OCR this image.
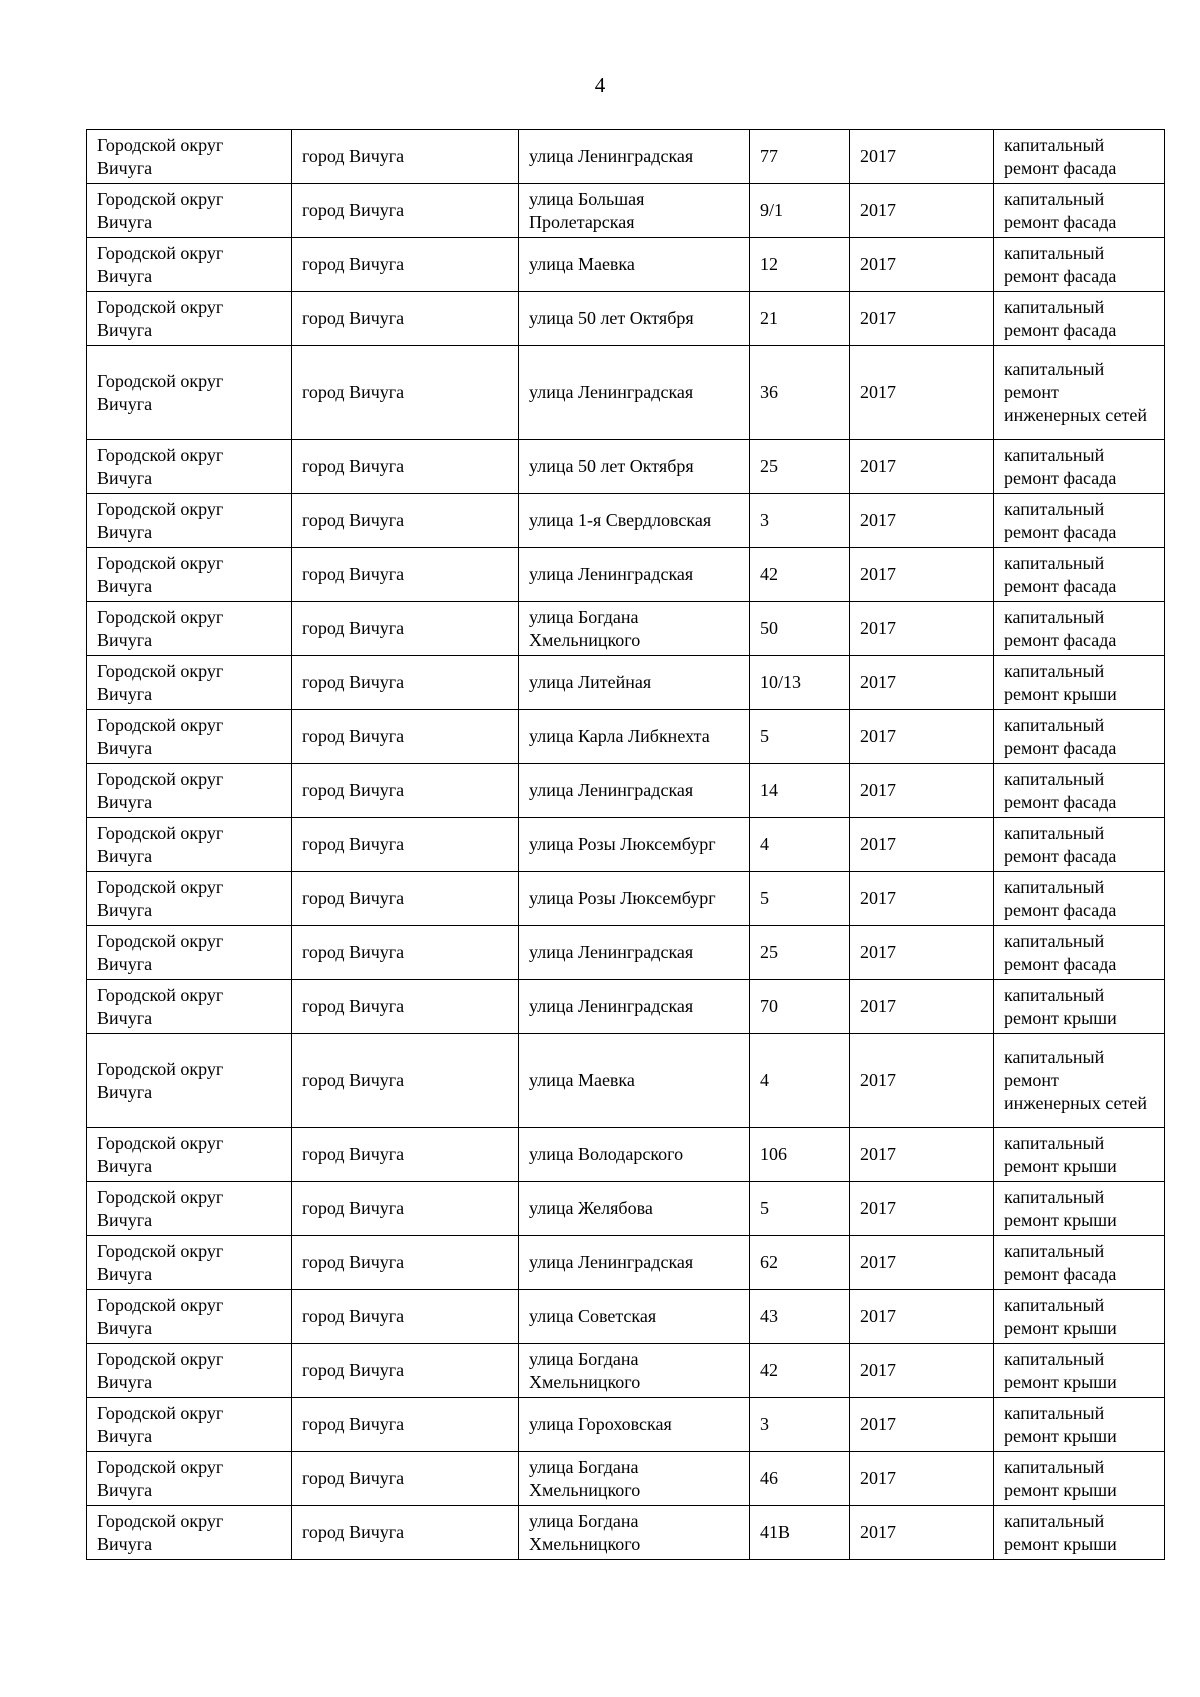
4
Городской округ Вичуга	город Вичуга	улица Ленинградская	77	2017	капитальный ремонт фасада
Городской округ Вичуга	город Вичуга	улица Большая Пролетарская	9/1	2017	капитальный ремонт фасада
Городской округ Вичуга	город Вичуга	улица Маевка	12	2017	капитальный ремонт фасада
Городской округ Вичуга	город Вичуга	улица 50 лет Октября	21	2017	капитальный ремонт фасада
Городской округ Вичуга	город Вичуга	улица Ленинградская	36	2017	капитальный ремонт инженерных сетей
Городской округ Вичуга	город Вичуга	улица 50 лет Октября	25	2017	капитальный ремонт фасада
Городской округ Вичуга	город Вичуга	улица 1-я Свердловская	3	2017	капитальный ремонт фасада
Городской округ Вичуга	город Вичуга	улица Ленинградская	42	2017	капитальный ремонт фасада
Городской округ Вичуга	город Вичуга	улица Богдана Хмельницкого	50	2017	капитальный ремонт фасада
Городской округ Вичуга	город Вичуга	улица Литейная	10/13	2017	капитальный ремонт крыши
Городской округ Вичуга	город Вичуга	улица Карла Либкнехта	5	2017	капитальный ремонт фасада
Городской округ Вичуга	город Вичуга	улица Ленинградская	14	2017	капитальный ремонт фасада
Городской округ Вичуга	город Вичуга	улица Розы Люксембург	4	2017	капитальный ремонт фасада
Городской округ Вичуга	город Вичуга	улица Розы Люксембург	5	2017	капитальный ремонт фасада
Городской округ Вичуга	город Вичуга	улица Ленинградская	25	2017	капитальный ремонт фасада
Городской округ Вичуга	город Вичуга	улица Ленинградская	70	2017	капитальный ремонт крыши
Городской округ Вичуга	город Вичуга	улица Маевка	4	2017	капитальный ремонт инженерных сетей
Городской округ Вичуга	город Вичуга	улица Володарского	106	2017	капитальный ремонт крыши
Городской округ Вичуга	город Вичуга	улица Желябова	5	2017	капитальный ремонт крыши
Городской округ Вичуга	город Вичуга	улица Ленинградская	62	2017	капитальный ремонт фасада
Городской округ Вичуга	город Вичуга	улица Советская	43	2017	капитальный ремонт крыши
Городской округ Вичуга	город Вичуга	улица Богдана Хмельницкого	42	2017	капитальный ремонт крыши
Городской округ Вичуга	город Вичуга	улица Гороховская	3	2017	капитальный ремонт крыши
Городской округ Вичуга	город Вичуга	улица Богдана Хмельницкого	46	2017	капитальный ремонт крыши
Городской округ Вичуга	город Вичуга	улица Богдана Хмельницкого	41В	2017	капитальный ремонт крыши
